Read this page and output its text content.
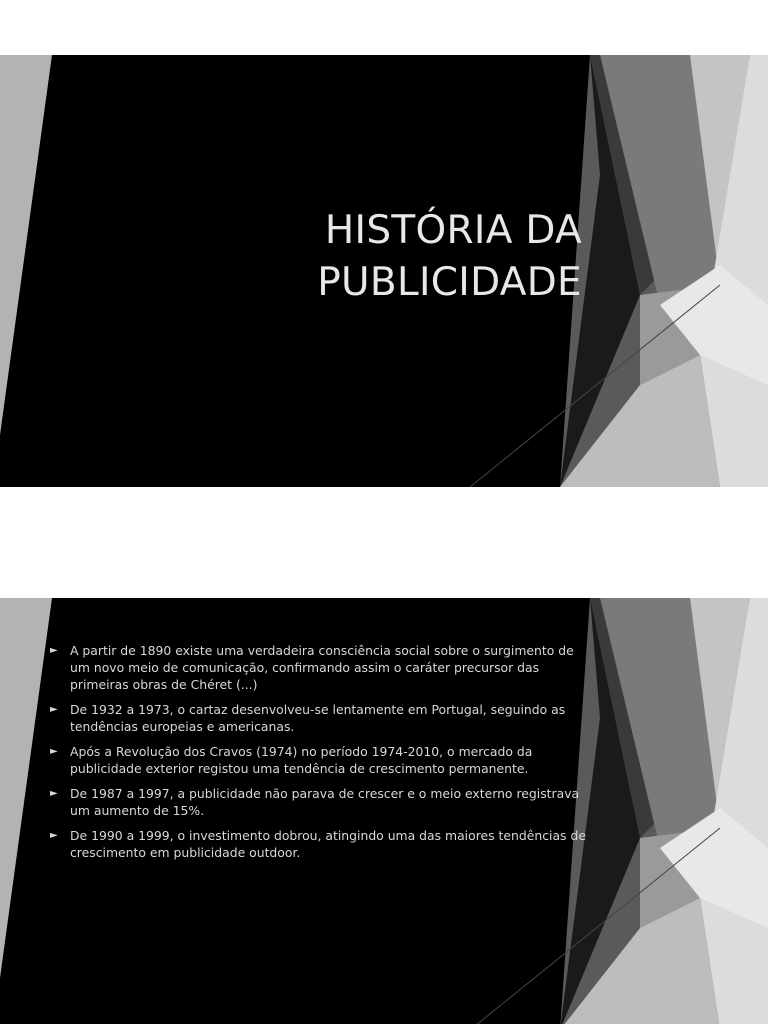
HISTÓRIA DA
PUBLICIDADE
► A partir de 1890 existe uma verdadeira consciência social sobre o surgimento de um novo meio de comunicação, confirmando assim o caráter precursor das primeiras obras de Chéret (...)
► De 1932 a 1973, o cartaz desenvolveu-se lentamente em Portugal, seguindo as tendências europeias e americanas.
► Após a Revolução dos Cravos (1974) no período 1974-2010, o mercado da publicidade exterior registou uma tendência de crescimento permanente.
► De 1987 a 1997, a publicidade não parava de crescer e o meio externo registrava um aumento de 15%.
► De 1990 a 1999, o investimento dobrou, atingindo uma das maiores tendências de crescimento em publicidade outdoor.
